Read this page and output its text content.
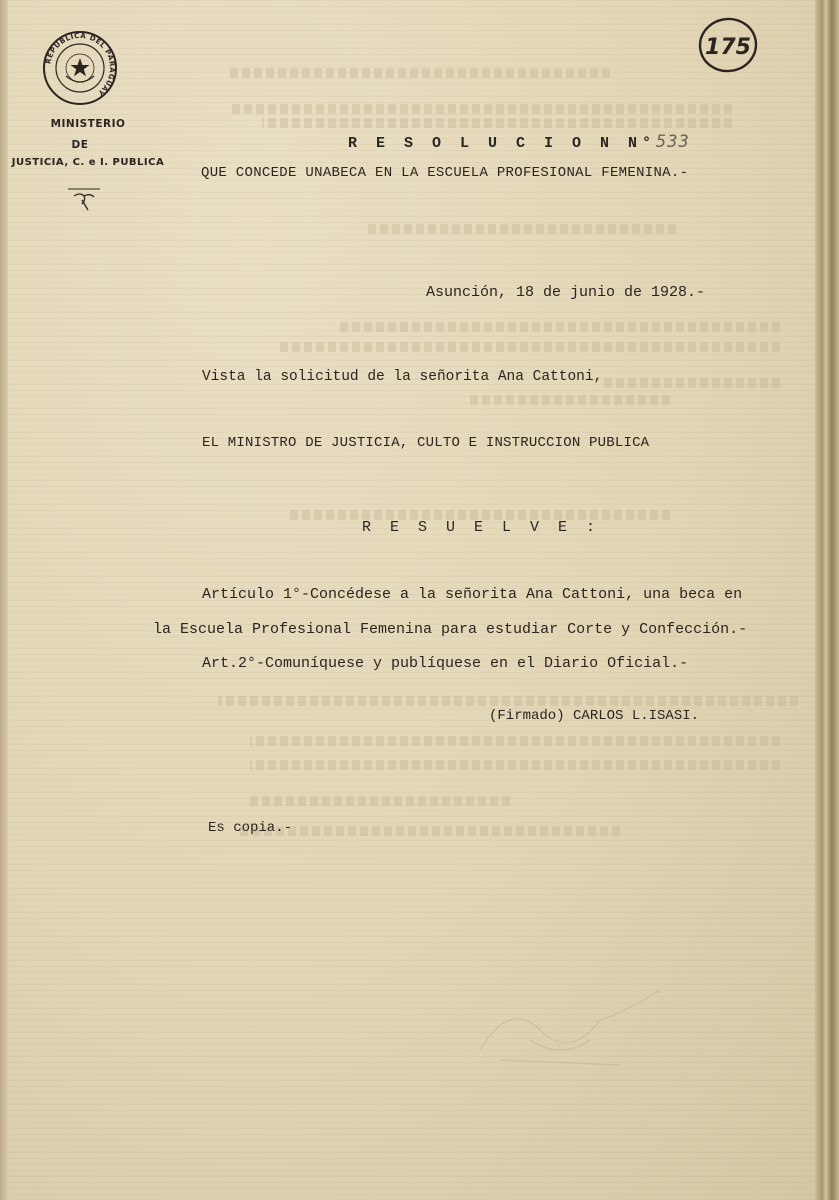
REPUBLICA DEL PARAGUAY
MINISTERIO
DE
JUSTICIA, C. e I. PUBLICA
175
R E S O L U C I O N N°533
QUE CONCEDE UNABECA EN LA ESCUELA PROFESIONAL FEMENINA.-
Asunción, 18 de junio de 1928.-
Vista la solicitud de la señorita Ana Cattoni,
EL MINISTRO DE JUSTICIA, CULTO E INSTRUCCION PUBLICA
R E S U E L V E :
Artículo 1°-Concédese a la señorita Ana Cattoni, una beca en
la Escuela Profesional Femenina para estudiar Corte y Confección.-
Art.2°-Comuníquese y publíquese en el Diario Oficial.-
(Firmado) CARLOS L.ISASI.
Es copia.-
